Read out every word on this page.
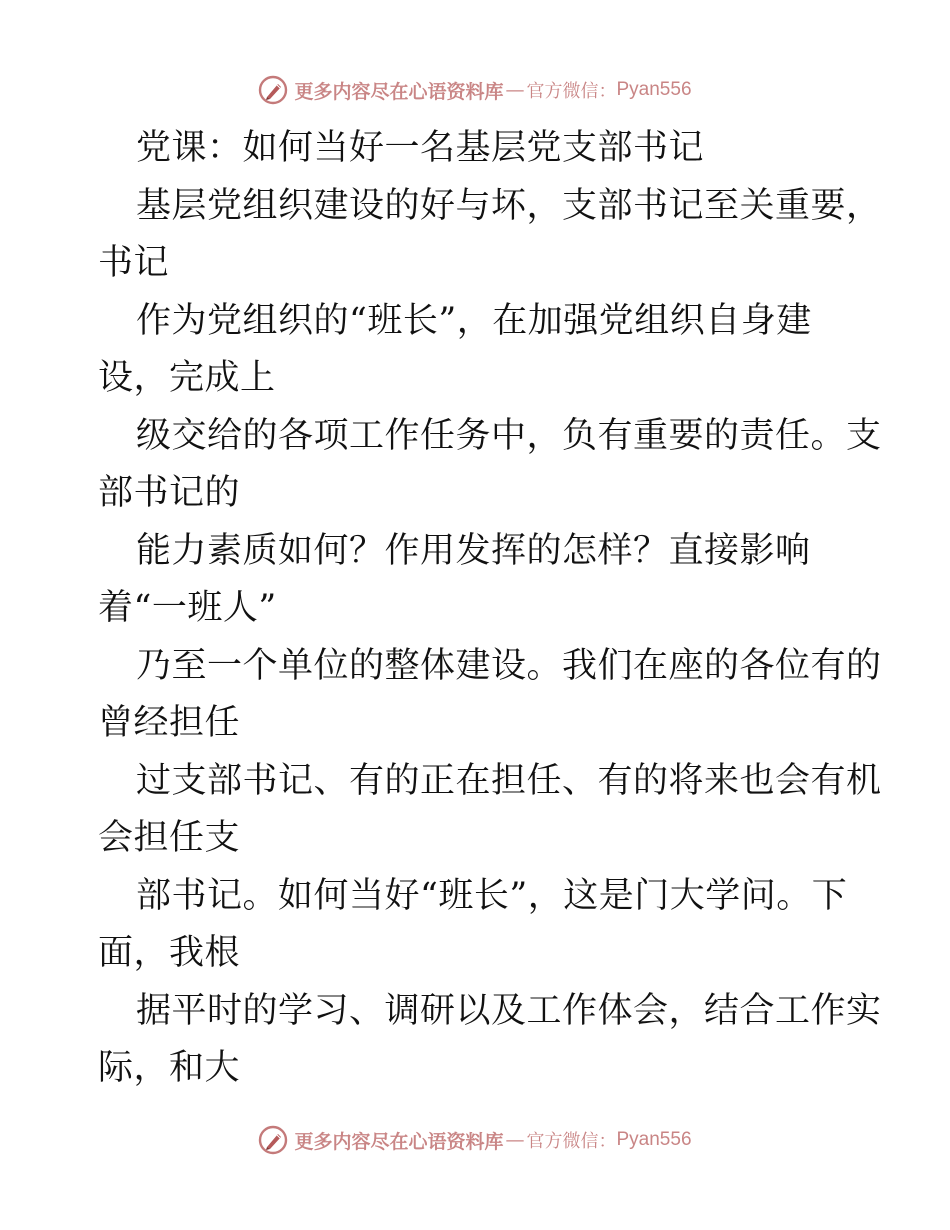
更多内容尽在心语资料库 — 官方微信： Pyan556
党课：如何当好一名基层党支部书记
基层党组织建设的好与坏，支部书记至关重要，
书记
作为党组织的“班长”，在加强党组织自身建
设，完成上
级交给的各项工作任务中，负有重要的责任。支
部书记的
能力素质如何？作用发挥的怎样？直接影响
着“一班人”
乃至一个单位的整体建设。我们在座的各位有的
曾经担任
过支部书记、有的正在担任、有的将来也会有机
会担任支
部书记。如何当好“班长”，这是门大学问。下
面，我根
据平时的学习、调研以及工作体会，结合工作实
际，和大
更多内容尽在心语资料库 — 官方微信： Pyan556
